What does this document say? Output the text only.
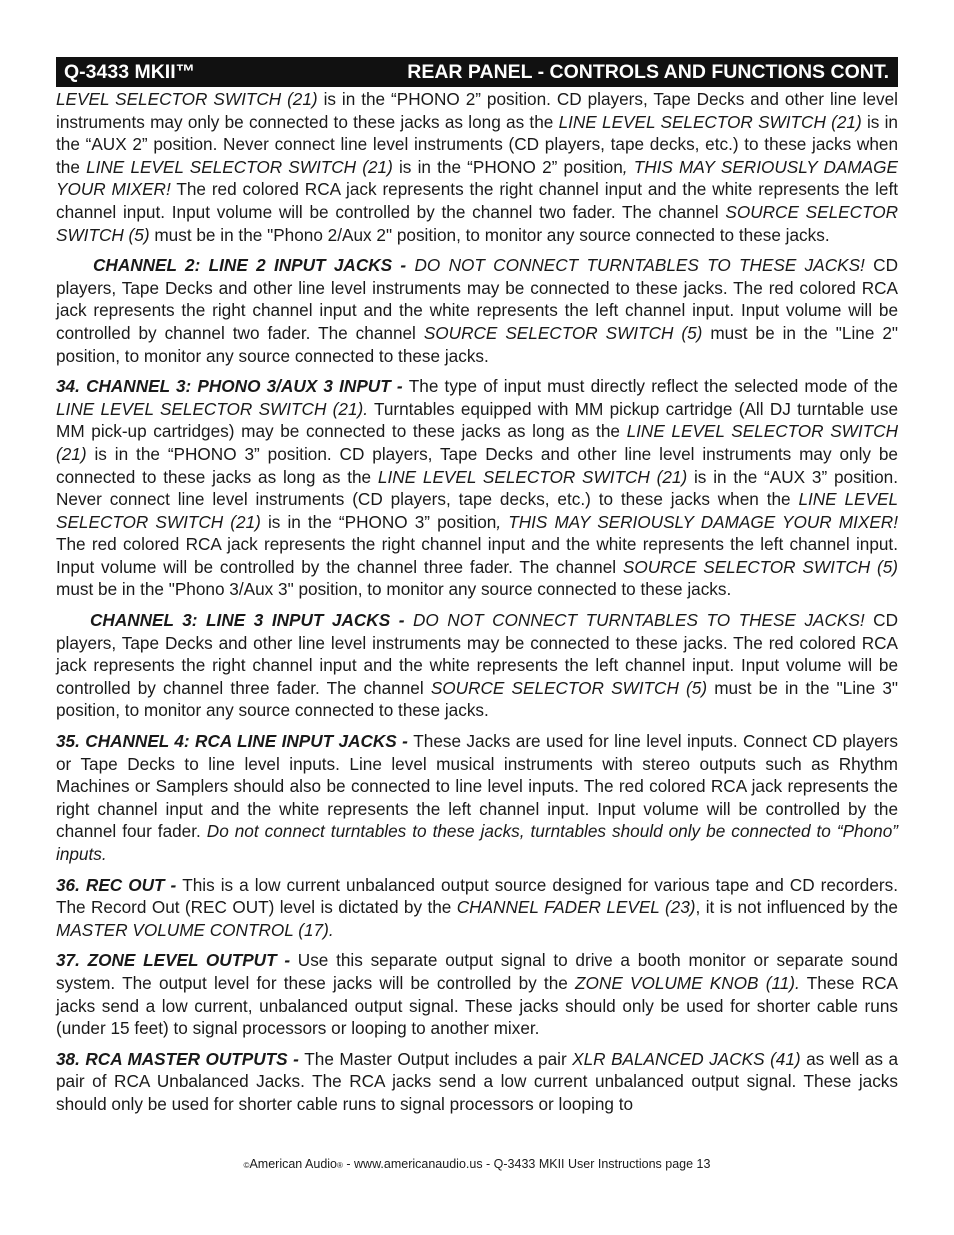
Q-3433 MKII™	REAR PANEL - CONTROLS AND FUNCTIONS CONT.

LEVEL SELECTOR SWITCH (21) is in the “PHONO 2” position. CD players, Tape Decks and other line level instruments may only be connected to these jacks as long as the LINE LEVEL SELECTOR SWITCH (21) is in the “AUX 2” position. Never connect line level instruments (CD players, tape decks, etc.) to these jacks when the LINE LEVEL SELECTOR SWITCH (21) is in the “PHONO 2” position, THIS MAY SERIOUSLY DAMAGE YOUR MIXER! The red colored RCA jack represents the right channel input and the white represents the left channel input. Input volume will be controlled by the channel two fader. The channel SOURCE SELECTOR SWITCH (5) must be in the "Phono 2/Aux 2" position, to monitor any source connected to these jacks.

CHANNEL 2: LINE 2 INPUT JACKS - DO NOT CONNECT TURNTABLES TO THESE JACKS! CD players, Tape Decks and other line level instruments may be connected to these jacks. The red colored RCA jack represents the right channel input and the white represents the left channel input. Input volume will be controlled by channel two fader. The channel SOURCE SELECTOR SWITCH (5) must be in the "Line 2" position, to monitor any source connected to these jacks.

34. CHANNEL 3: PHONO 3/AUX 3 INPUT - The type of input must directly reflect the selected mode of the LINE LEVEL SELECTOR SWITCH (21). Turntables equipped with MM pickup cartridge (All DJ turntable use MM pick-up cartridges) may be connected to these jacks as long as the LINE LEVEL SELECTOR SWITCH (21) is in the “PHONO 3” position. CD players, Tape Decks and other line level instruments may only be connected to these jacks as long as the LINE LEVEL SELECTOR SWITCH (21) is in the “AUX 3” position. Never connect line level instruments (CD players, tape decks, etc.) to these jacks when the LINE LEVEL SELECTOR SWITCH (21) is in the “PHONO 3” position, THIS MAY SERIOUSLY DAMAGE YOUR MIXER! The red colored RCA jack represents the right channel input and the white represents the left channel input. Input volume will be controlled by the channel three fader. The channel SOURCE SELECTOR SWITCH (5) must be in the "Phono 3/Aux 3" position, to monitor any source connected to these jacks.

CHANNEL 3: LINE 3 INPUT JACKS - DO NOT CONNECT TURNTABLES TO THESE JACKS! CD players, Tape Decks and other line level instruments may be connected to these jacks. The red colored RCA jack represents the right channel input and the white represents the left channel input. Input volume will be controlled by channel three fader. The channel SOURCE SELECTOR SWITCH (5) must be in the "Line 3" position, to monitor any source connected to these jacks.

35. CHANNEL 4: RCA LINE INPUT JACKS - These Jacks are used for line level inputs. Connect CD players or Tape Decks to line level inputs. Line level musical instruments with stereo outputs such as Rhythm Machines or Samplers should also be connected to line level inputs. The red colored RCA jack represents the right channel input and the white represents the left channel input. Input volume will be controlled by the channel four fader. Do not connect turntables to these jacks, turntables should only be connected to “Phono” inputs.

36. REC OUT - This is a low current unbalanced output source designed for various tape and CD recorders. The Record Out (REC OUT) level is dictated by the CHANNEL FADER LEVEL (23), it is not influenced by the MASTER VOLUME CONTROL (17).

37. ZONE LEVEL OUTPUT - Use this separate output signal to drive a booth monitor or separate sound system. The output level for these jacks will be controlled by the ZONE VOLUME KNOB (11). These RCA jacks send a low current, unbalanced output signal. These jacks should only be used for shorter cable runs (under 15 feet) to signal processors or looping to another mixer.

38. RCA MASTER OUTPUTS - The Master Output includes a pair XLR BALANCED JACKS (41) as well as a pair of RCA Unbalanced Jacks. The RCA jacks send a low current unbalanced output signal. These jacks should only be used for shorter cable runs to signal processors or looping to

©American Audio® - www.americanaudio.us - Q-3433 MKII User Instructions page 13
